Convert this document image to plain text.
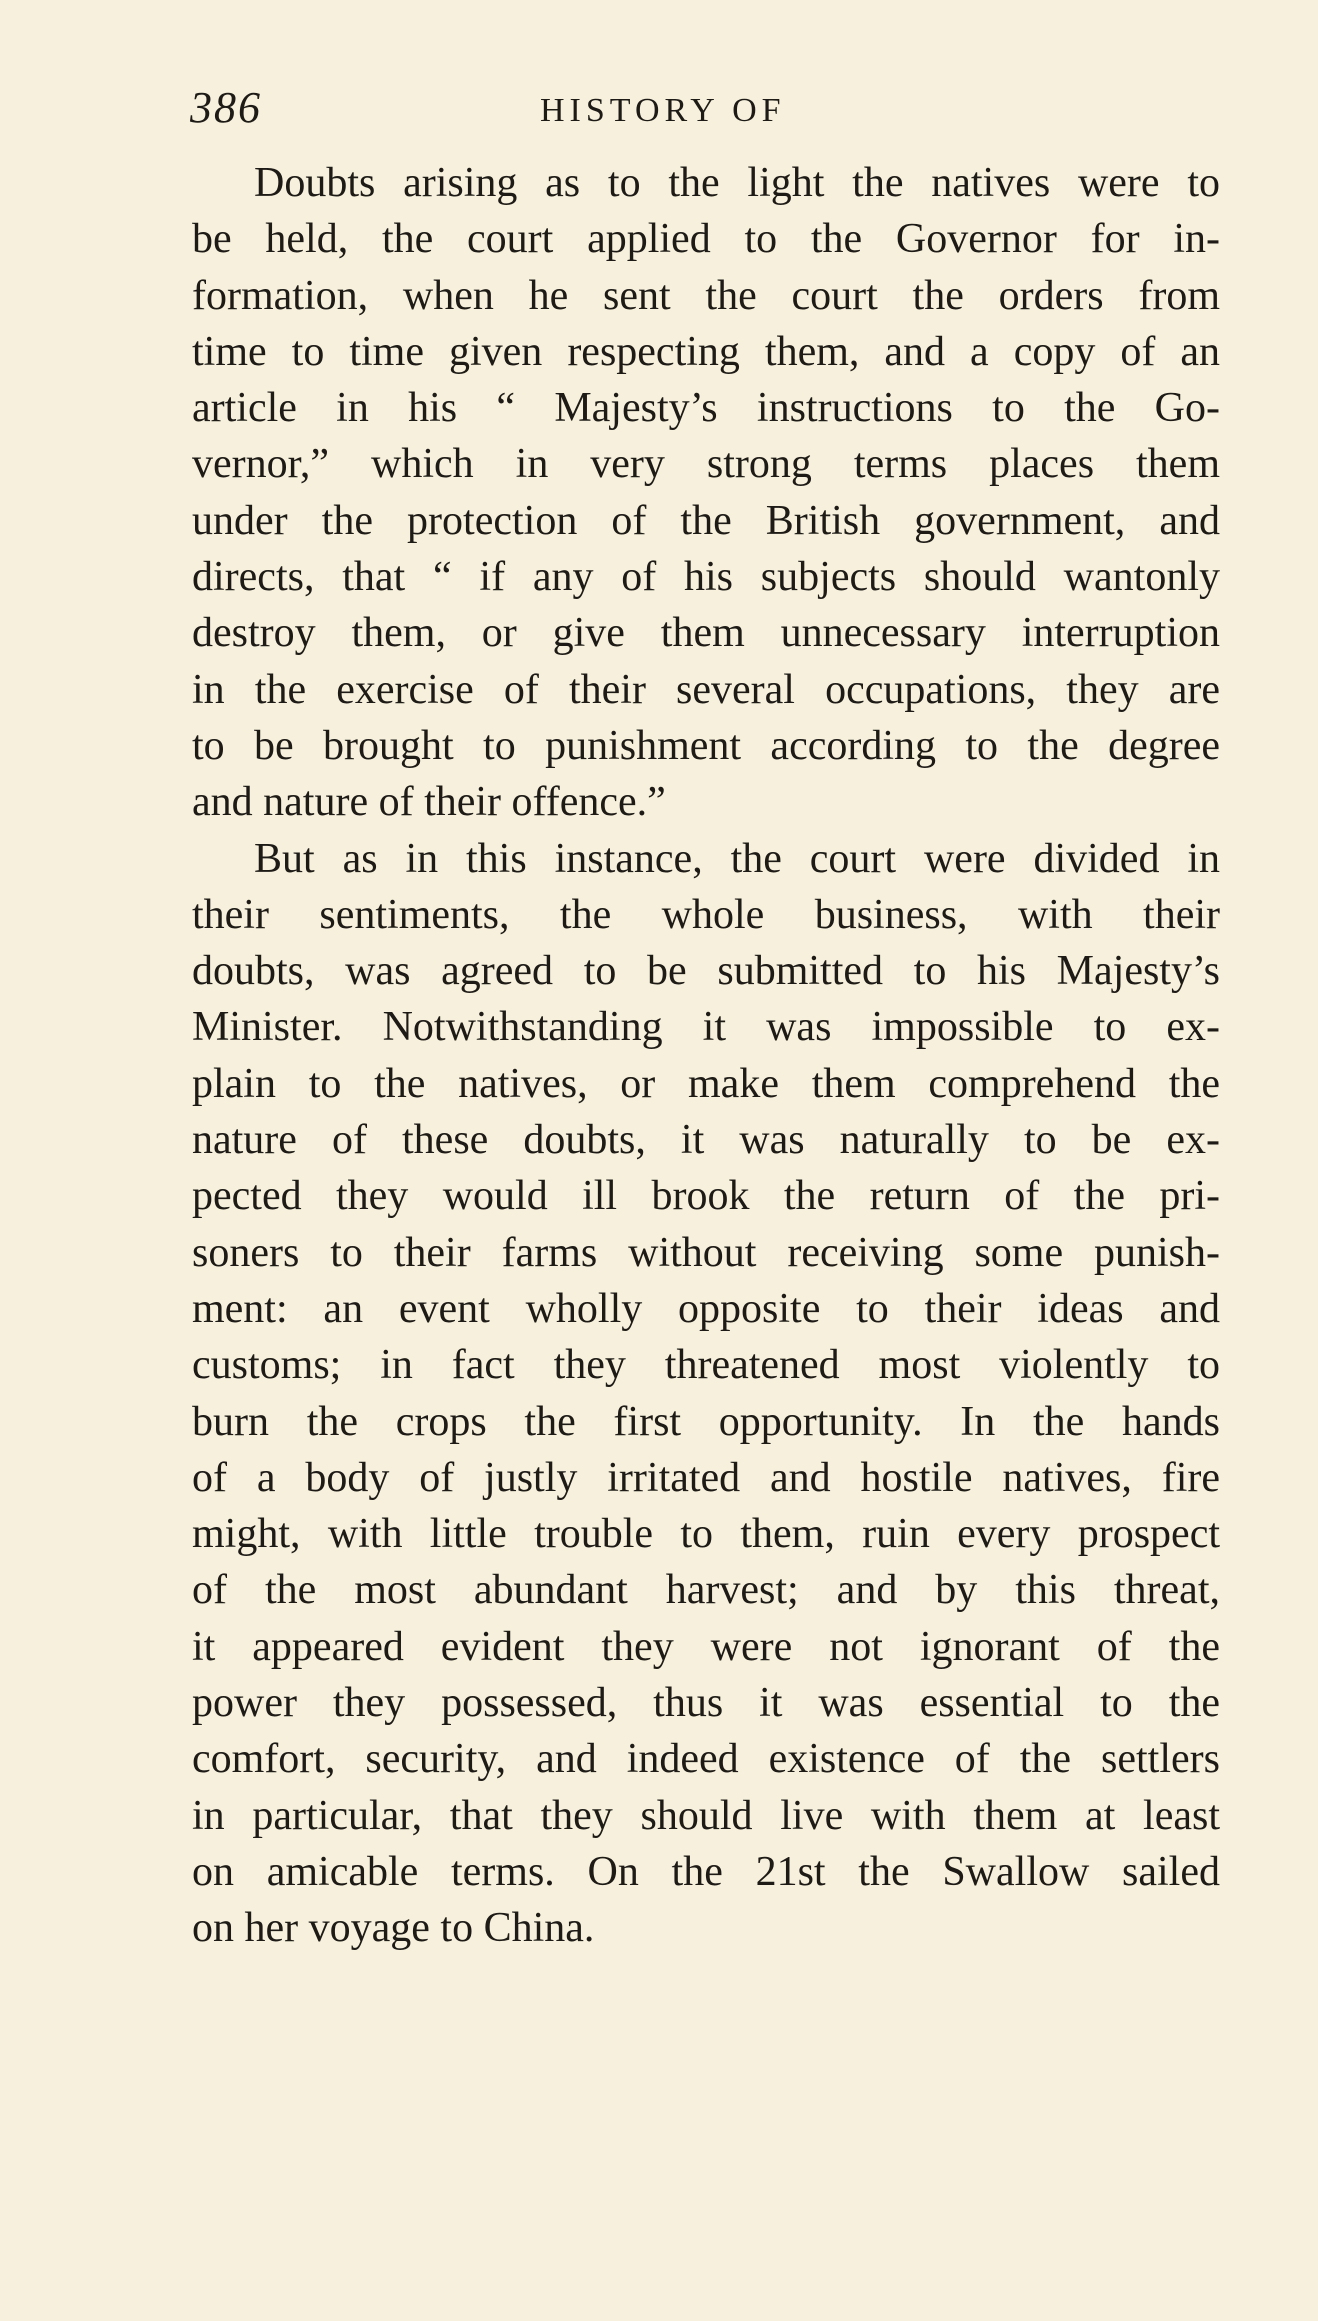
386	HISTORY OF
Doubts arising as to the light the natives were to
be held, the court applied to the Governor for in-
formation, when he sent the court the orders from
time to time given respecting them, and a copy of an
article in his “ Majesty’s instructions to the Go-
vernor,” which in very strong terms places them
under the protection of the British government, and
directs, that “ if any of his subjects should wantonly
destroy them, or give them unnecessary interruption
in the exercise of their several occupations, they are
to be brought to punishment according to the degree
and nature of their offence.”
But as in this instance, the court were divided in
their sentiments, the whole business, with their
doubts, was agreed to be submitted to his Majesty’s
Minister. Notwithstanding it was impossible to ex-
plain to the natives, or make them comprehend the
nature of these doubts, it was naturally to be ex-
pected they would ill brook the return of the pri-
soners to their farms without receiving some punish-
ment: an event wholly opposite to their ideas and
customs; in fact they threatened most violently to
burn the crops the first opportunity. In the hands
of a body of justly irritated and hostile natives, fire
might, with little trouble to them, ruin every prospect
of the most abundant harvest; and by this threat,
it appeared evident they were not ignorant of the
power they possessed, thus it was essential to the
comfort, security, and indeed existence of the settlers
in particular, that they should live with them at least
on amicable terms. On the 21st the Swallow sailed
on her voyage to China.
